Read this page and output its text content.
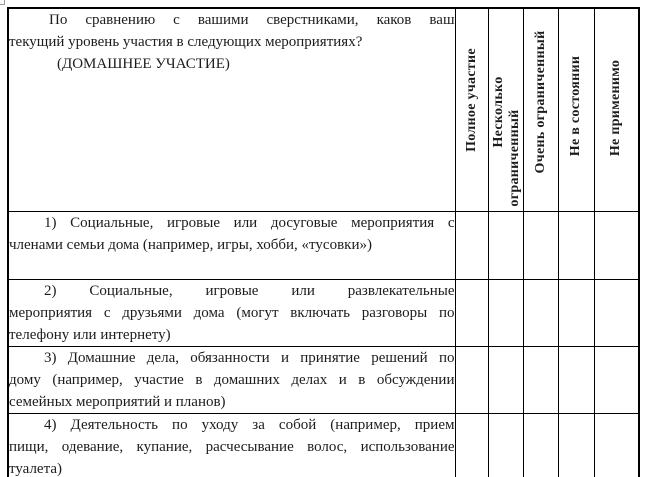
По сравнению с вашими сверстниками, каков ваш
текущий уровень участия в следующих мероприятиях?
(ДОМАШНЕЕ УЧАСТИЕ)	Полное участие	Несколько ограниченный	Очень ограниченный	Не в состоянии	Не применимо

1) Социальные, игровые или досуговые мероприятия с
членами семьи дома (например, игры, хобби, «тусовки»)					

2) Социальные, игровые или развлекательные
мероприятия с друзьями дома (могут включать разговоры по
телефону или интернету)					

3) Домашние дела, обязанности и принятие решений по
дому (например, участие в домашних делах и в обсуждении
семейных мероприятий и планов)					

4) Деятельность по уходу за собой (например, прием
пищи, одевание, купание, расчесывание волос, использование
туалета)					
